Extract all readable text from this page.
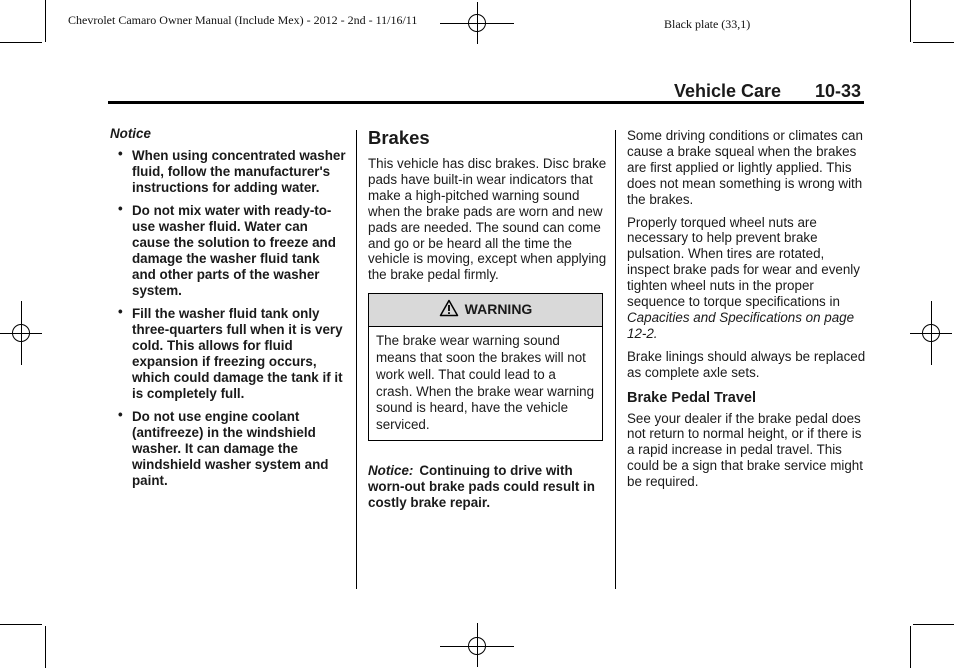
Chevrolet Camaro Owner Manual (Include Mex) - 2012 - 2nd - 11/16/11	Black plate (33,1)
Vehicle Care 10-33
Notice
• When using concentrated washer fluid, follow the manufacturer's instructions for adding water.
• Do not mix water with ready-to-use washer fluid. Water can cause the solution to freeze and damage the washer fluid tank and other parts of the washer system.
• Fill the washer fluid tank only three-quarters full when it is very cold. This allows for fluid expansion if freezing occurs, which could damage the tank if it is completely full.
• Do not use engine coolant (antifreeze) in the windshield washer. It can damage the windshield washer system and paint.
Brakes

This vehicle has disc brakes. Disc brake pads have built-in wear indicators that make a high-pitched warning sound when the brake pads are worn and new pads are needed. The sound can come and go or be heard all the time the vehicle is moving, except when applying the brake pedal firmly.

WARNING
The brake wear warning sound means that soon the brakes will not work well. That could lead to a crash. When the brake wear warning sound is heard, have the vehicle serviced.
Notice: Continuing to drive with worn-out brake pads could result in costly brake repair.

Some driving conditions or climates can cause a brake squeal when the brakes are first applied or lightly applied. This does not mean something is wrong with the brakes.

Properly torqued wheel nuts are necessary to help prevent brake pulsation. When tires are rotated, inspect brake pads for wear and evenly tighten wheel nuts in the proper sequence to torque specifications in Capacities and Specifications on page 12-2.

Brake linings should always be replaced as complete axle sets.

Brake Pedal Travel

See your dealer if the brake pedal does not return to normal height, or if there is a rapid increase in pedal travel. This could be a sign that brake service might be required.
